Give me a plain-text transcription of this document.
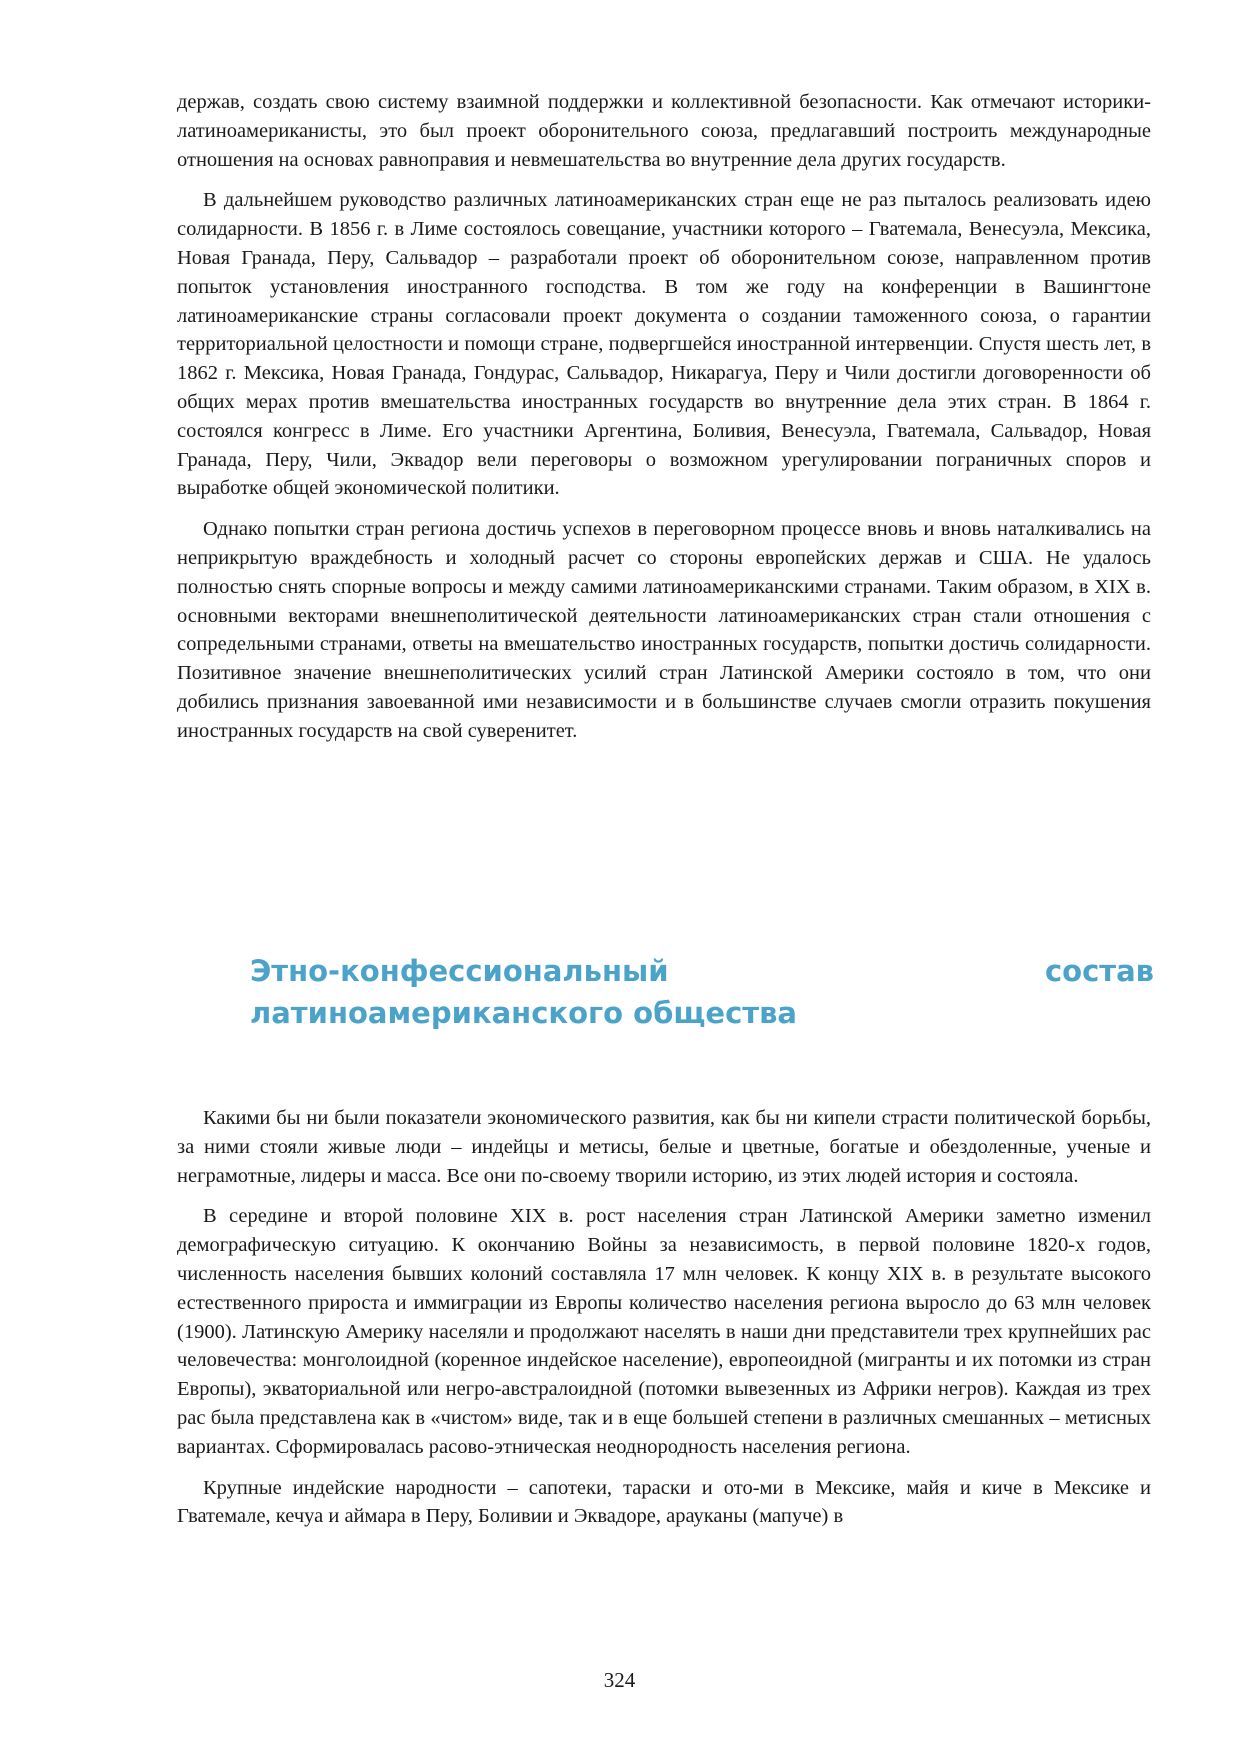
держав, создать свою систему взаимной поддержки и коллективной безопасности. Как отмечают историки-латиноамериканисты, это был проект оборонительного союза, предлагавший построить международные отношения на основах равноправия и невмешательства во внутренние дела других государств.

В дальнейшем руководство различных латиноамериканских стран еще не раз пыталось реализовать идею солидарности. В 1856 г. в Лиме состоялось совещание, участники которого – Гватемала, Венесуэла, Мексика, Новая Гранада, Перу, Сальвадор – разработали проект об оборонительном союзе, направленном против попыток установления иностранного господства. В том же году на конференции в Вашингтоне латиноамериканские страны согласовали проект документа о создании таможенного союза, о гарантии территориальной целостности и помощи стране, подвергшейся иностранной интервенции. Спустя шесть лет, в 1862 г. Мексика, Новая Гранада, Гондурас, Сальвадор, Никарагуа, Перу и Чили достигли договоренности об общих мерах против вмешательства иностранных государств во внутренние дела этих стран. В 1864 г. состоялся конгресс в Лиме. Его участники Аргентина, Боливия, Венесуэла, Гватемала, Сальвадор, Новая Гранада, Перу, Чили, Эквадор вели переговоры о возможном урегулировании пограничных споров и выработке общей экономической политики.

Однако попытки стран региона достичь успехов в переговорном процессе вновь и вновь наталкивались на неприкрытую враждебность и холодный расчет со стороны европейских держав и США. Не удалось полностью снять спорные вопросы и между самими латиноамериканскими странами. Таким образом, в XIX в. основными векторами внешнеполитической деятельности латиноамериканских стран стали отношения с сопредельными странами, ответы на вмешательство иностранных государств, попытки достичь солидарности. Позитивное значение внешнеполитических усилий стран Латинской Америки состояло в том, что они добились признания завоеванной ими независимости и в большинстве случаев смогли отразить покушения иностранных государств на свой суверенитет.

Этно-конфессиональный состав латиноамериканского общества

Какими бы ни были показатели экономического развития, как бы ни кипели страсти политической борьбы, за ними стояли живые люди – индейцы и метисы, белые и цветные, богатые и обездоленные, ученые и неграмотные, лидеры и масса. Все они по-своему творили историю, из этих людей история и состояла.

В середине и второй половине XIX в. рост населения стран Латинской Америки заметно изменил демографическую ситуацию. К окончанию Войны за независимость, в первой половине 1820-х годов, численность населения бывших колоний составляла 17 млн человек. К концу XIX в. в результате высокого естественного прироста и иммиграции из Европы количество населения региона выросло до 63 млн человек (1900). Латинскую Америку населяли и продолжают населять в наши дни представители трех крупнейших рас человечества: монголоидной (коренное индейское население), европеоидной (мигранты и их потомки из стран Европы), экваториальной или негро-австралоидной (потомки вывезенных из Африки негров). Каждая из трех рас была представлена как в «чистом» виде, так и в еще большей степени в различных смешанных – метисных вариантах. Сформировалась расово-этническая неоднородность населения региона.

Крупные индейские народности – сапотеки, тараски и ото-ми в Мексике, майя и киче в Мексике и Гватемале, кечуа и аймара в Перу, Боливии и Эквадоре, арауканы (мапуче) в

324
